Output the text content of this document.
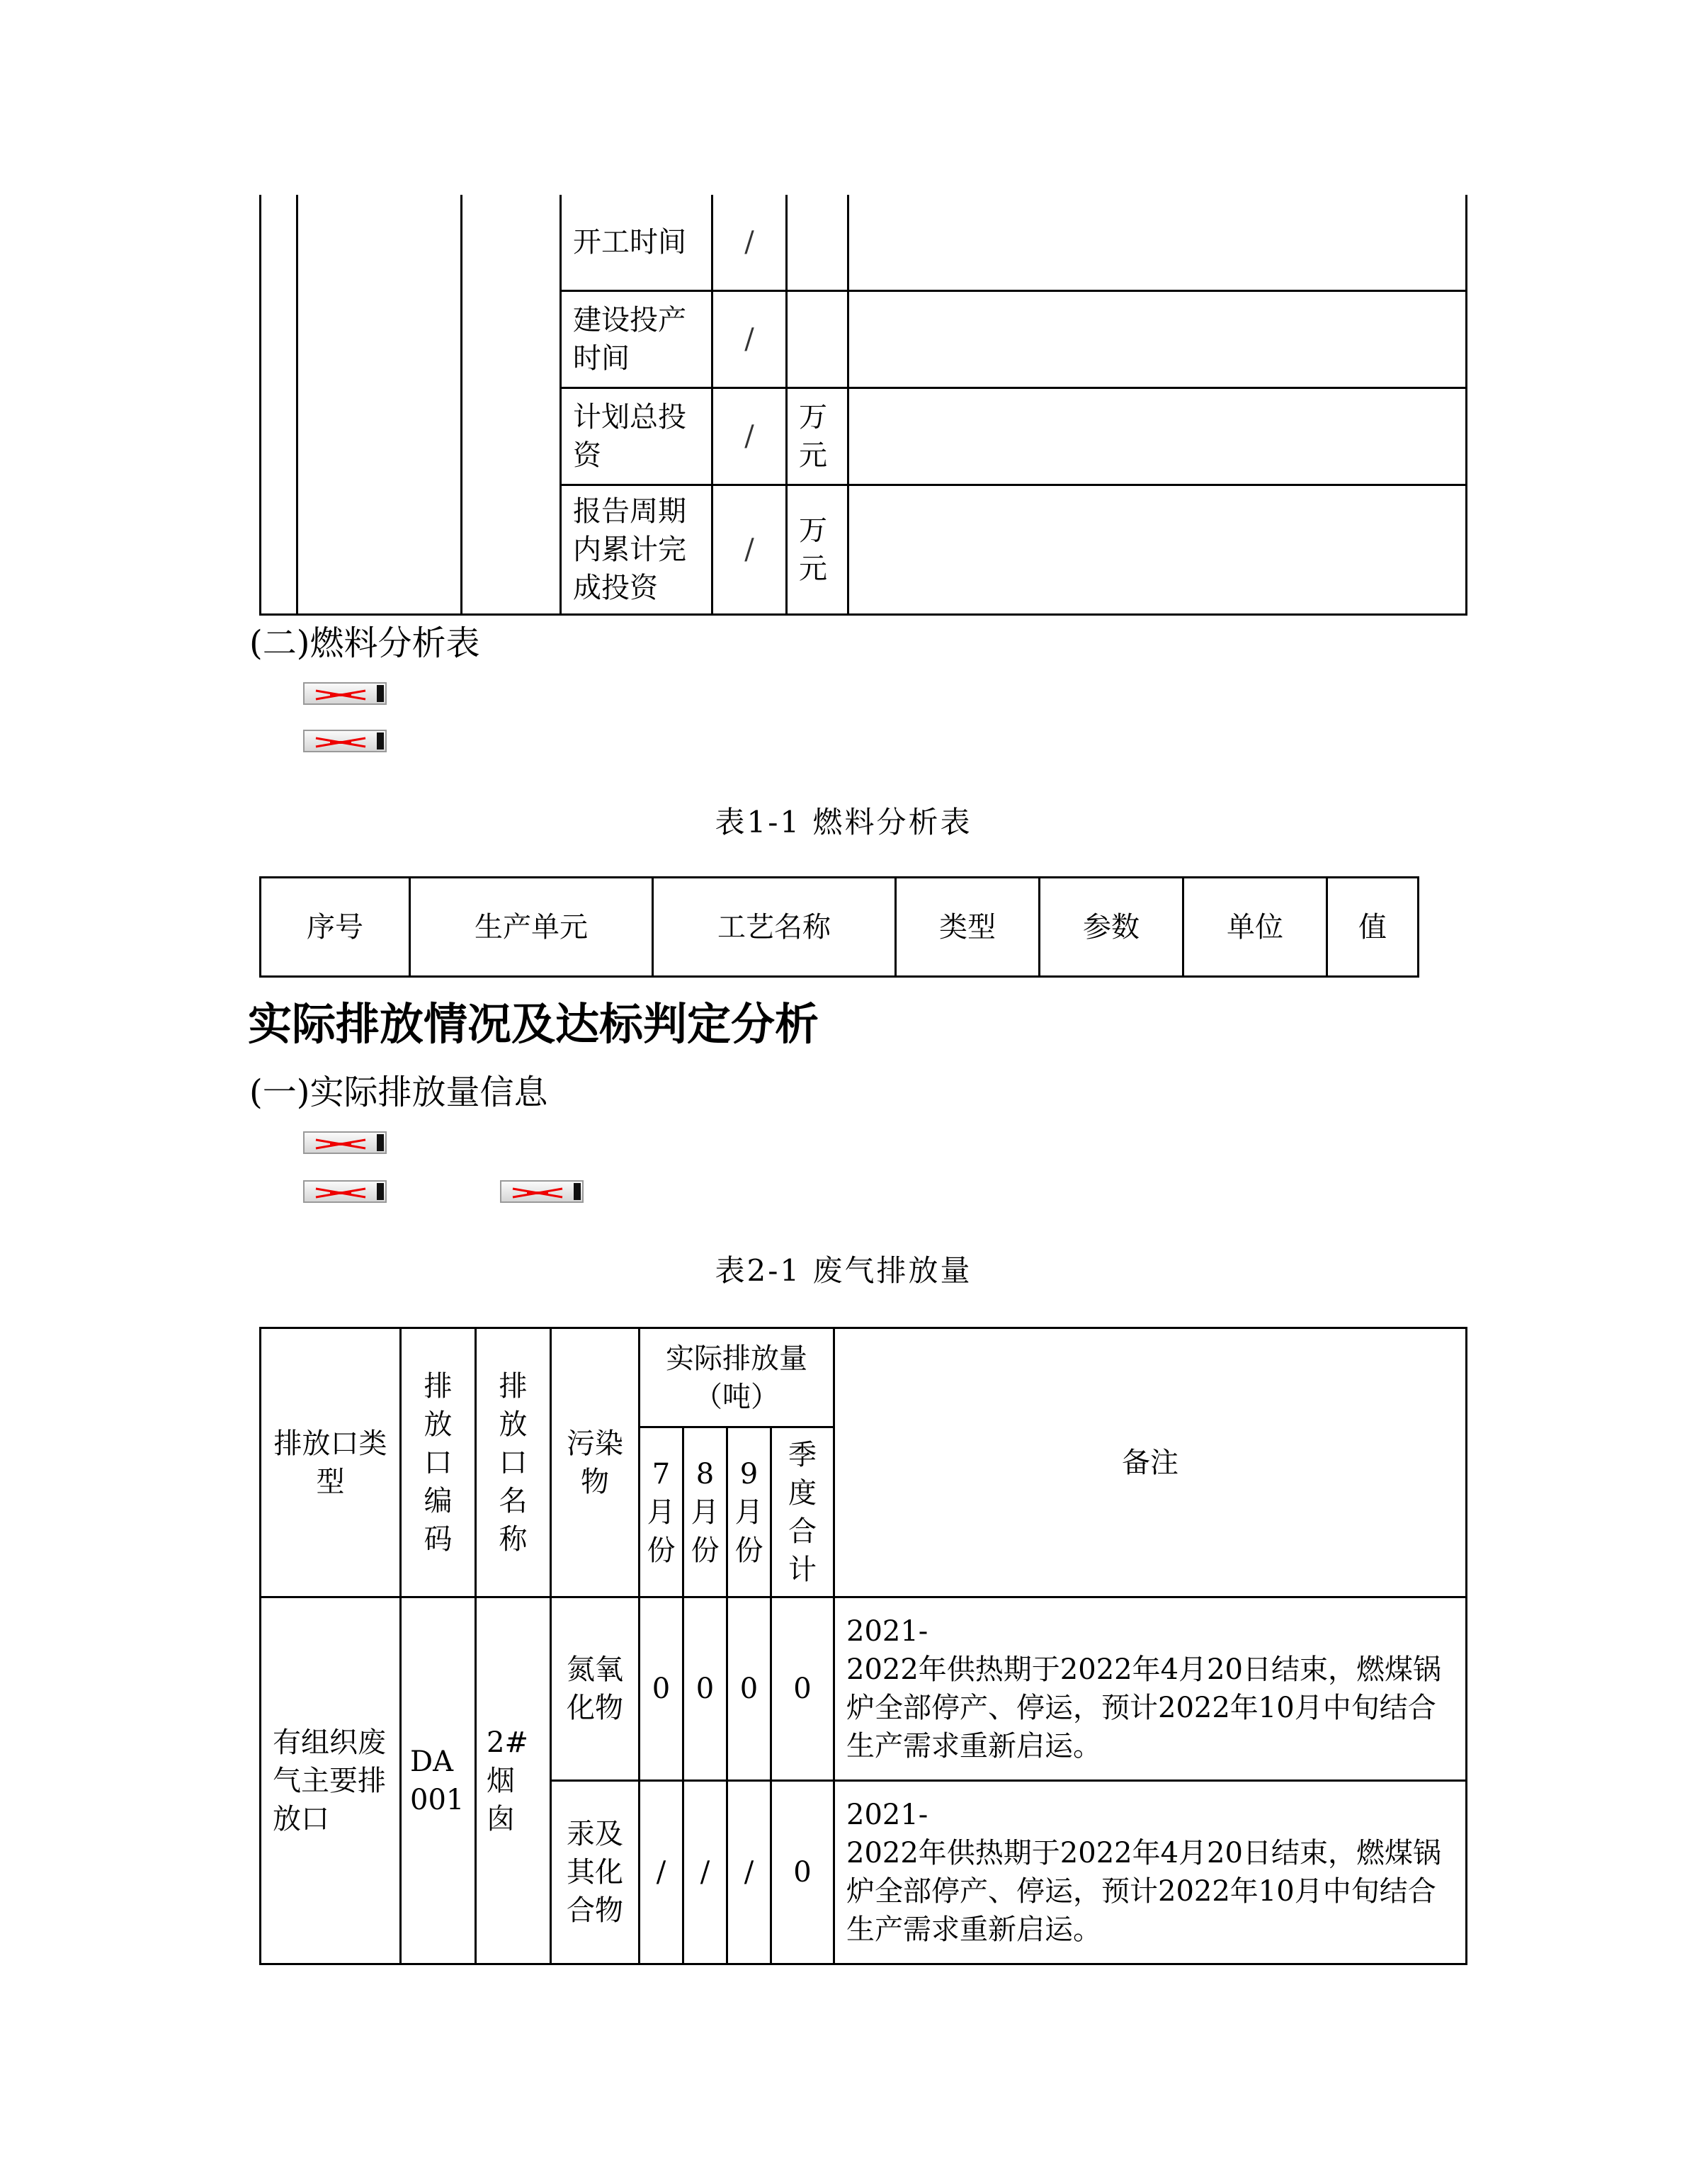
			开工时间	/		
			建设投产时间	/		
			计划总投资	/	万元	
			报告周期内累计完成投资	/	万元	
(二)燃料分析表
表1-1 燃料分析表
序号	生产单元	工艺名称	类型	参数	单位	值
实际排放情况及达标判定分析
(一)实际排放量信息
表2-1 废气排放量
排放口类型	排放口编码	排放口名称	污染物	实际排放量（吨）				备注

				7月份	8月份	9月份	季度合计	

有组织废气主要排放口	DA001	2#烟囱	氮氧化物	0	0	0	0	2021-
2022年供热期于2022年4月20日结束，燃煤锅炉全部停产、停运，预计2022年10月中旬结合生产需求重新启运。

			汞及其化合物	/	/	/	0	2021-
2022年供热期于2022年4月20日结束，燃煤锅炉全部停产、停运，预计2022年10月中旬结合生产需求重新启运。
